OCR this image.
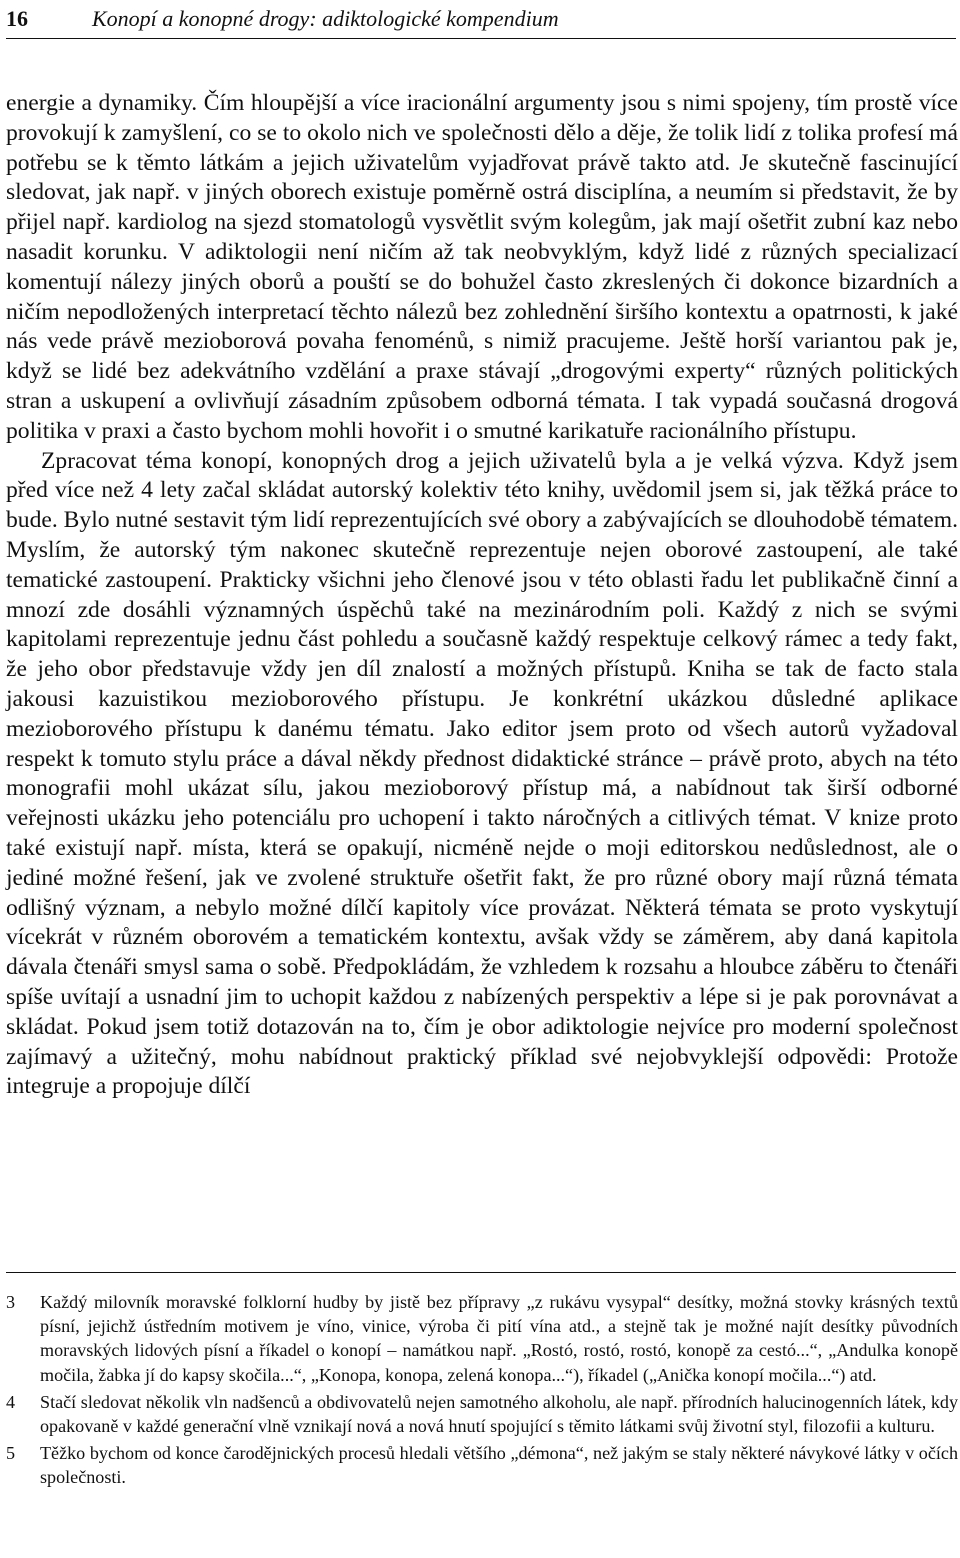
16	Konopí a konopné drogy: adiktologické kompendium

energie a dynamiky. Čím hloupější a více iracionální argumenty jsou s nimi spojeny, tím prostě více provokují k zamyšlení, co se to okolo nich ve společnosti dělo a děje, že tolik lidí z tolika profesí má potřebu se k těmto látkám a jejich uživatelům vyjadřovat právě takto atd. Je skutečně fascinující sledovat, jak např. v jiných oborech existuje poměrně ostrá disciplína, a neumím si představit, že by přijel např. kardiolog na sjezd stomatologů vysvětlit svým kolegům, jak mají ošetřit zubní kaz nebo nasadit korunku. V adiktologii není ničím až tak neobvyklým, když lidé z různých specializací komentují nálezy jiných oborů a pouští se do bohužel často zkreslených či dokonce bizardních a ničím nepodložených interpretací těchto nálezů bez zohlednění širšího kontextu a opatrnosti, k jaké nás vede právě mezioborová povaha fenoménů, s nimiž pracujeme. Ještě horší variantou pak je, když se lidé bez adekvátního vzdělání a praxe stávají „drogovými experty“ různých politických stran a uskupení a ovlivňují zásadním způsobem odborná témata. I tak vypadá současná drogová politika v praxi a často bychom mohli hovořit i o smutné karikatuře racionálního přístupu.

Zpracovat téma konopí, konopných drog a jejich uživatelů byla a je velká výzva. Když jsem před více než 4 lety začal skládat autorský kolektiv této knihy, uvědomil jsem si, jak těžká práce to bude. Bylo nutné sestavit tým lidí reprezentujících své obory a zabývajících se dlouhodobě tématem. Myslím, že autorský tým nakonec skutečně reprezentuje nejen oborové zastoupení, ale také tematické zastoupení. Prakticky všichni jeho členové jsou v této oblasti řadu let publikačně činní a mnozí zde dosáhli významných úspěchů také na mezinárodním poli. Každý z nich se svými kapitolami reprezentuje jednu část pohledu a současně každý respektuje celkový rámec a tedy fakt, že jeho obor představuje vždy jen díl znalostí a možných přístupů. Kniha se tak de facto stala jakousi kazuistikou mezioborového přístupu. Je konkrétní ukázkou důsledné aplikace mezioborového přístupu k danému tématu. Jako editor jsem proto od všech autorů vyžadoval respekt k tomuto stylu práce a dával někdy přednost didaktické stránce – právě proto, abych na této monografii mohl ukázat sílu, jakou mezioborový přístup má, a nabídnout tak širší odborné veřejnosti ukázku jeho potenciálu pro uchopení i takto náročných a citlivých témat. V knize proto také existují např. místa, která se opakují, nicméně nejde o moji editorskou nedůslednost, ale o jediné možné řešení, jak ve zvolené struktuře ošetřit fakt, že pro různé obory mají různá témata odlišný význam, a nebylo možné dílčí kapitoly více provázat. Některá témata se proto vyskytují vícekrát v různém oborovém a tematickém kontextu, avšak vždy se záměrem, aby daná kapitola dávala čtenáři smysl sama o sobě. Předpokládám, že vzhledem k rozsahu a hloubce záběru to čtenáři spíše uvítají a usnadní jim to uchopit každou z nabízených perspektiv a lépe si je pak porovnávat a skládat. Pokud jsem totiž dotazován na to, čím je obor adiktologie nejvíce pro moderní společnost zajímavý a užitečný, mohu nabídnout praktický příklad své nejobvyklejší odpovědi: Protože integruje a propojuje dílčí

3	Každý milovník moravské folklorní hudby by jistě bez přípravy „z rukávu vysypal“ desítky, možná stovky krásných textů písní, jejichž ústředním motivem je víno, vinice, výroba či pití vína atd., a stejně tak je možné najít desítky původních moravských lidových písní a říkadel o konopí – namátkou např. „Rostó, rostó, rostó, konopě za cestó...“, „Andulka konopě močila, žabka jí do kapsy skočila...“, „Konopa, konopa, zelená konopa...“), říkadel („Anička konopí močila...“) atd.
4	Stačí sledovat několik vln nadšenců a obdivovatelů nejen samotného alkoholu, ale např. přírodních halucinogenních látek, kdy opakovaně v každé generační vlně vznikají nová a nová hnutí spojující s těmito látkami svůj životní styl, filozofii a kulturu.
5	Těžko bychom od konce čarodějnických procesů hledali většího „démona“, než jakým se staly některé návykové látky v očích společnosti.
